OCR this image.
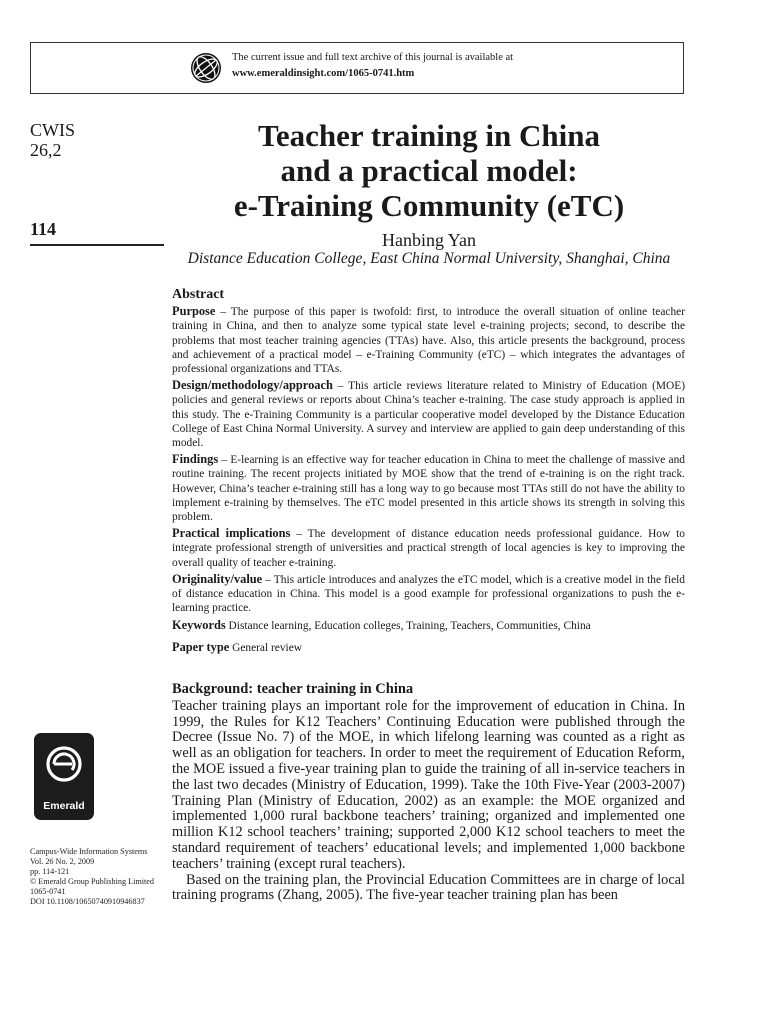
The current issue and full text archive of this journal is available at
www.emeraldinsight.com/1065-0741.htm
CWIS
26,2
114
Teacher training in China
and a practical model:
e-Training Community (eTC)
Hanbing Yan
Distance Education College, East China Normal University, Shanghai, China
Abstract

Purpose – The purpose of this paper is twofold: first, to introduce the overall situation of online teacher training in China, and then to analyze some typical state level e-training projects; second, to describe the problems that most teacher training agencies (TTAs) have. Also, this article presents the background, process and achievement of a practical model – e-Training Community (eTC) – which integrates the advantages of professional organizations and TTAs.

Design/methodology/approach – This article reviews literature related to Ministry of Education (MOE) policies and general reviews or reports about China’s teacher e-training. The case study approach is applied in this study. The e-Training Community is a particular cooperative model developed by the Distance Education College of East China Normal University. A survey and interview are applied to gain deep understanding of this model.

Findings – E-learning is an effective way for teacher education in China to meet the challenge of massive and routine training. The recent projects initiated by MOE show that the trend of e-training is on the right track. However, China’s teacher e-training still has a long way to go because most TTAs still do not have the ability to implement e-training by themselves. The eTC model presented in this article shows its strength in solving this problem.

Practical implications – The development of distance education needs professional guidance. How to integrate professional strength of universities and practical strength of local agencies is key to improving the overall quality of teacher e-training.

Originality/value – This article introduces and analyzes the eTC model, which is a creative model in the field of distance education in China. This model is a good example for professional organizations to push the e-learning practice.

Keywords Distance learning, Education colleges, Training, Teachers, Communities, China

Paper type General review

Background: teacher training in China

Teacher training plays an important role for the improvement of education in China. In 1999, the Rules for K12 Teachers’ Continuing Education were published through the Decree (Issue No. 7) of the MOE, in which lifelong learning was counted as a right as well as an obligation for teachers. In order to meet the requirement of Education Reform, the MOE issued a five-year training plan to guide the training of all in-service teachers in the last two decades (Ministry of Education, 1999). Take the 10th Five-Year (2003-2007) Training Plan (Ministry of Education, 2002) as an example: the MOE organized and implemented 1,000 rural backbone teachers’ training; organized and implemented one million K12 school teachers’ training; supported 2,000 K12 school teachers to meet the standard requirement of teachers’ educational levels; and implemented 1,000 backbone teachers’ training (except rural teachers).

Based on the training plan, the Provincial Education Committees are in charge of local training programs (Zhang, 2005). The five-year teacher training plan has been

Emerald
Campus-Wide Information Systems
Vol. 26 No. 2, 2009
pp. 114-121
© Emerald Group Publishing Limited
1065-0741
DOI 10.1108/10650740910946837
